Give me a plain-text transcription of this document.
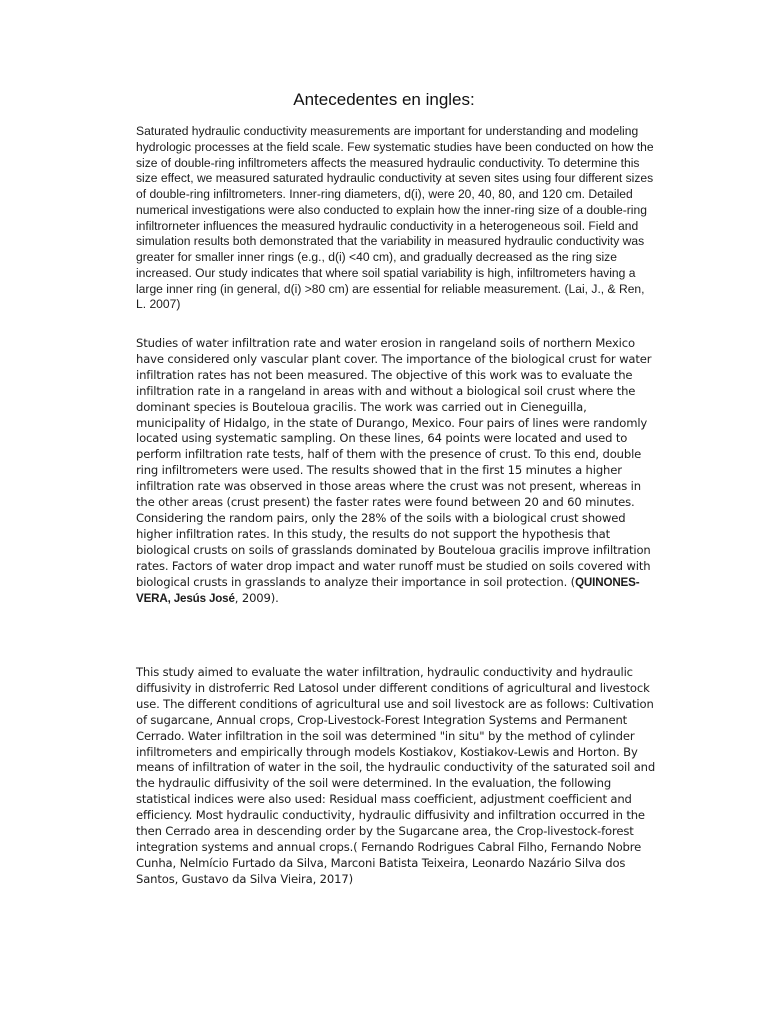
Antecedentes en ingles:

Saturated hydraulic conductivity measurements are important for understanding and modeling hydrologic processes at the field scale. Few systematic studies have been conducted on how the size of double-ring infiltrometers affects the measured hydraulic conductivity. To determine this size effect, we measured saturated hydraulic conductivity at seven sites using four different sizes of double-ring infiltrometers. Inner-ring diameters, d(i), were 20, 40, 80, and 120 cm. Detailed numerical investigations were also conducted to explain how the inner-ring size of a double-ring infiltrorneter influences the measured hydraulic conductivity in a heterogeneous soil. Field and simulation results both demonstrated that the variability in measured hydraulic conductivity was greater for smaller inner rings (e.g., d(i) <40 cm), and gradually decreased as the ring size increased. Our study indicates that where soil spatial variability is high, infiltrometers having a large inner ring (in general, d(i) >80 cm) are essential for reliable measurement. (Lai, J., & Ren, L. 2007)

Studies of water infiltration rate and water erosion in rangeland soils of northern Mexico have considered only vascular plant cover. The importance of the biological crust for water infiltration rates has not been measured. The objective of this work was to evaluate the infiltration rate in a rangeland in areas with and without a biological soil crust where the dominant species is Bouteloua gracilis. The work was carried out in Cieneguilla, municipality of Hidalgo, in the state of Durango, Mexico. Four pairs of lines were randomly located using systematic sampling. On these lines, 64 points were located and used to perform infiltration rate tests, half of them with the presence of crust. To this end, double ring infiltrometers were used. The results showed that in the first 15 minutes a higher infiltration rate was observed in those areas where the crust was not present, whereas in the other areas (crust present) the faster rates were found between 20 and 60 minutes. Considering the random pairs, only the 28% of the soils with a biological crust showed higher infiltration rates. In this study, the results do not support the hypothesis that biological crusts on soils of grasslands dominated by Bouteloua gracilis improve infiltration rates. Factors of water drop impact and water runoff must be studied on soils covered with biological crusts in grasslands to analyze their importance in soil protection. (QUINONES-VERA, Jesús José, 2009).

This study aimed to evaluate the water infiltration, hydraulic conductivity and hydraulic diffusivity in distroferric Red Latosol under different conditions of agricultural and livestock use. The different conditions of agricultural use and soil livestock are as follows: Cultivation of sugarcane, Annual crops, Crop-Livestock-Forest Integration Systems and Permanent Cerrado. Water infiltration in the soil was determined "in situ" by the method of cylinder infiltrometers and empirically through models Kostiakov, Kostiakov-Lewis and Horton. By means of infiltration of water in the soil, the hydraulic conductivity of the saturated soil and the hydraulic diffusivity of the soil were determined. In the evaluation, the following statistical indices were also used: Residual mass coefficient, adjustment coefficient and efficiency. Most hydraulic conductivity, hydraulic diffusivity and infiltration occurred in the then Cerrado area in descending order by the Sugarcane area, the Crop-livestock-forest integration systems and annual crops.( Fernando Rodrigues Cabral Filho, Fernando Nobre Cunha, Nelmício Furtado da Silva, Marconi Batista Teixeira, Leonardo Nazário Silva dos Santos, Gustavo da Silva Vieira, 2017)
